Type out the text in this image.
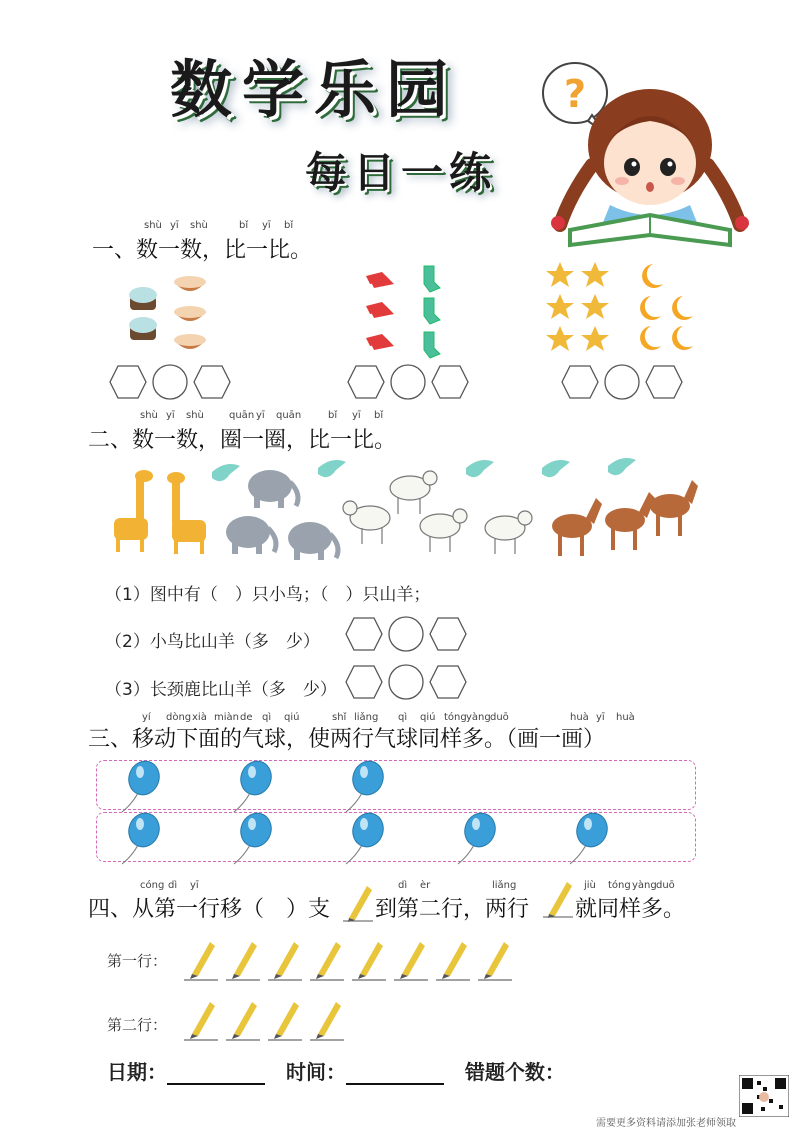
数学乐园
每日一练
?
shù yī shù	bǐ yī bǐ
一、数一数，比一比。
shù yī shù	quān yī quān	bǐ yī bǐ
二、数一数，圈一圈，比一比。
（1）图中有（　）只小鸟；（　）只山羊；
（2）小鸟比山羊（多　少）
（3）长颈鹿比山羊（多　少）
yí dòng xià miàn de qì qiú	shǐ liǎng qì qiú tóng yàng duō	huà yī huà
三、移动下面的气球，使两行气球同样多。（画一画）
cóng dì yī	dì èr	liǎng	jiù tóng yàng duō
四、从第一行移（　）支 到第二行，两行 就同样多。
第一行：
第二行：
日期：	时间：	错题个数：
需要更多资料请添加张老师领取
